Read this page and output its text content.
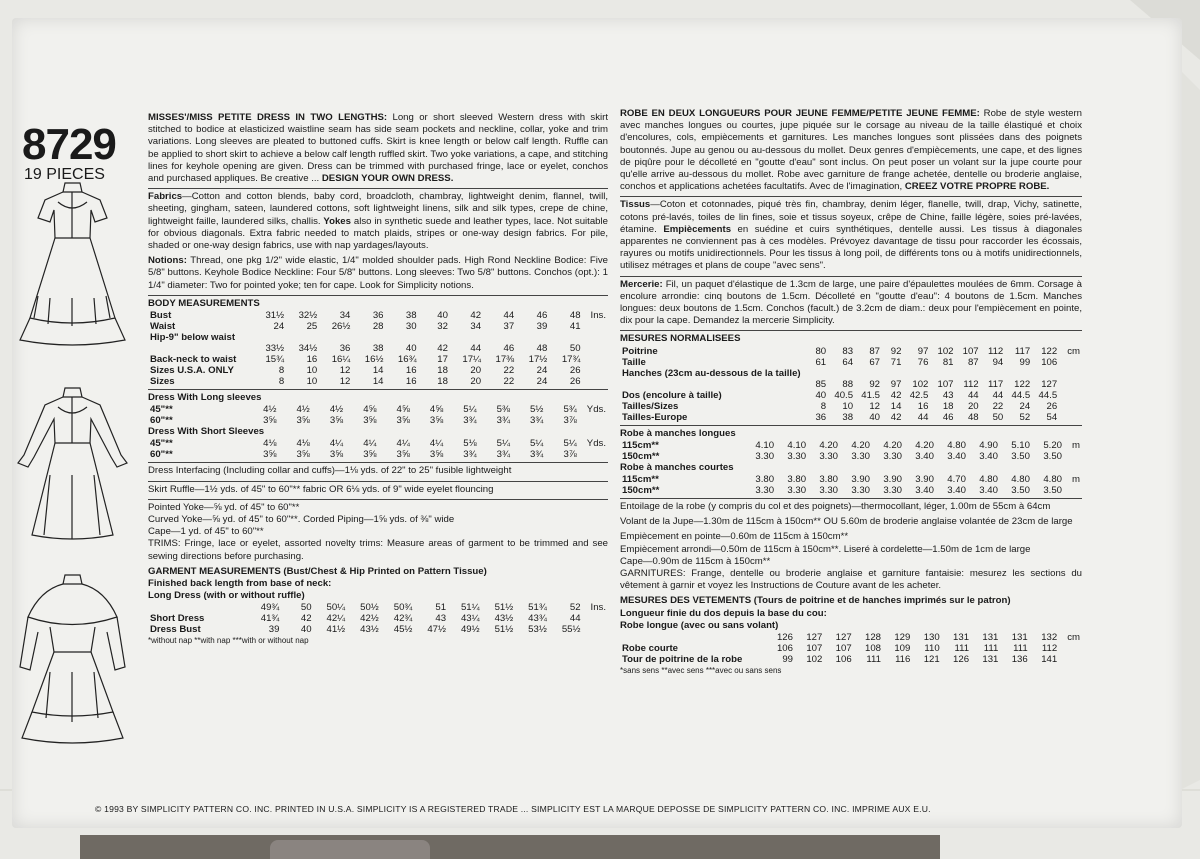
8729
19 PIECES

MISSES'/MISS PETITE DRESS IN TWO LENGTHS: Long or short sleeved Western dress with skirt stitched to bodice at elasticized waistline seam has side seam pockets and neckline, collar, yoke and trim variations. Long sleeves are pleated to buttoned cuffs. Skirt is knee length or below calf length. Ruffle can be applied to short skirt to achieve a below calf length ruffled skirt. Two yoke variations, a cape, and stitching lines for keyhole opening are given. Dress can be trimmed with purchased fringe, lace or eyelet, conchos and purchased appliques. Be creative ... DESIGN YOUR OWN DRESS.

Fabrics—Cotton and cotton blends, baby cord, broadcloth, chambray, lightweight denim, flannel, twill, sheeting, gingham, sateen, laundered cottons, soft lightweight linens, silk and silk types, crepe de chine, lightweight faille, laundered silks, challis. Yokes also in synthetic suede and leather types, lace. Not suitable for obvious diagonals. Extra fabric needed to match plaids, stripes or one-way design fabrics. For pile, shaded or one-way design fabrics, use with nap yardages/layouts.

Notions: Thread, one pkg 1/2" wide elastic, 1/4" molded shoulder pads. High Rond Neckline Bodice: Five 5/8" buttons. Keyhole Bodice Neckline: Four 5/8" buttons. Long sleeves: Two 5/8" buttons. Conchos (opt.): 1 1/4" diameter: Two for pointed yoke; ten for cape. Look for Simplicity notions.

BODY MEASUREMENTS
Bust	31½	32½	34	36	38	40	42	44	46	48	Ins.
Waist	24	25	26½	28	30	32	34	37	39	41	
Hip-9" below waist											
	33½	34½	36	38	40	42	44	46	48	50	
Back-neck to waist	15¾	16	16¼	16½	16¾	17	17¼	17⅜	17½	17¾	
Sizes U.S.A. ONLY	8	10	12	14	16	18	20	22	24	26	
Sizes	8	10	12	14	16	18	20	22	24	26	
Dress With Long sleeves
45"**	4½	4½	4½	4⅝	4⅝	4⅝	5¼	5⅜	5½	5¾	Yds.
60"**	3⅝	3⅝	3⅝	3⅝	3⅝	3⅝	3¾	3¾	3¾	3⅞	
Dress With Short Sleeves
45"**	4⅛	4⅛	4¼	4¼	4¼	4¼	5⅛	5¼	5¼	5¼	Yds.
60"**	3⅝	3⅝	3⅝	3⅝	3⅝	3⅝	3¾	3¾	3¾	3⅞	

Dress Interfacing (Including collar and cuffs)—1⅛ yds. of 22" to 25" fusible lightweight

Skirt Ruffle—1½ yds. of 45" to 60"** fabric OR 6⅛ yds. of 9" wide eyelet flouncing

Pointed Yoke—⅝ yd. of 45" to 60"**

Curved Yoke—⅝ yd. of 45" to 60"**. Corded Piping—1⅝ yds. of ⅜" wide

Cape—1 yd. of 45" to 60"**

TRIMS: Fringe, lace or eyelet, assorted novelty trims: Measure areas of garment to be trimmed and see sewing directions before purchasing.

GARMENT MEASUREMENTS (Bust/Chest & Hip Printed on Pattern Tissue)
Finished back length from base of neck:
Long Dress (with or without ruffle)
	49¾	50	50¼	50½	50¾	51	51¼	51½	51¾	52	Ins.
Short Dress	41¾	42	42¼	42½	42¾	43	43¼	43½	43¾	44	
Dress Bust	39	40	41½	43½	45½	47½	49½	51½	53½	55½	
*without nap **with nap ***with or without nap

ROBE EN DEUX LONGUEURS POUR JEUNE FEMME/PETITE JEUNE FEMME: Robe de style western avec manches longues ou courtes, jupe piquée sur le corsage au niveau de la taille élastiqué et choix d'encolures, cols, empiècements et garnitures. Les manches longues sont plissées dans des poignets boutonnés. Jupe au genou ou au-dessous du mollet. Deux genres d'empiècements, une cape, et des lignes de piqûre pour le décolleté en "goutte d'eau" sont inclus. On peut poser un volant sur la jupe courte pour qu'elle arrive au-dessous du mollet. Robe avec garniture de frange achetée, dentelle ou broderie anglaise, conchos et applications achetées facultatifs. Avec de l'imagination, CREEZ VOTRE PROPRE ROBE.

Tissus—Coton et cotonnades, piqué très fin, chambray, denim léger, flanelle, twill, drap, Vichy, satinette, cotons pré-lavés, toiles de lin fines, soie et tissus soyeux, crêpe de Chine, faille légère, soies pré-lavées, étamine. Empiècements en suédine et cuirs synthétiques, dentelle aussi. Les tissus à diagonales apparentes ne conviennent pas à ces modèles. Prévoyez davantage de tissu pour raccorder les écossais, rayures ou motifs unidirectionnels. Pour les tissus à long poil, de différents tons ou à motifs unidirectionnels, utilisez métrages et plans de coupe "avec sens".

Mercerie: Fil, un paquet d'élastique de 1.3cm de large, une paire d'épaulettes moulées de 6mm. Corsage à encolure arrondie: cinq boutons de 1.5cm. Décolleté en "goutte d'eau": 4 boutons de 1.5cm. Manches longues: deux boutons de 1.5cm. Conchos (facult.) de 3.2cm de diam.: deux pour l'empiècement en pointe, dix pour la cape. Demandez la mercerie Simplicity.

MESURES NORMALISEES
Poitrine	80	83	87	92	97	102	107	112	117	122	cm
Taille	61	64	67	71	76	81	87	94	99	106	
Hanches (23cm au-dessous de la taille)											
	85	88	92	97	102	107	112	117	122	127	
Dos (encolure à taille)	40	40.5	41.5	42	42.5	43	44	44	44.5	44.5	
Tailles/Sizes	8	10	12	14	16	18	20	22	24	26	
Tailles-Europe	36	38	40	42	44	46	48	50	52	54	
Robe à manches longues
115cm**	4.10	4.10	4.20	4.20	4.20	4.20	4.80	4.90	5.10	5.20	m
150cm**	3.30	3.30	3.30	3.30	3.30	3.40	3.40	3.40	3.50	3.50	
Robe à manches courtes
115cm**	3.80	3.80	3.80	3.90	3.90	3.90	4.70	4.80	4.80	4.80	m
150cm**	3.30	3.30	3.30	3.30	3.30	3.40	3.40	3.40	3.50	3.50	

Entoilage de la robe (y compris du col et des poignets)—thermocollant, léger, 1.00m de 55cm à 64cm

Volant de la Jupe—1.30m de 115cm à 150cm** OU 5.60m de broderie anglaise volantée de 23cm de large

Empiècement en pointe—0.60m de 115cm à 150cm**

Empiècement arrondi—0.50m de 115cm à 150cm**. Liseré à cordelette—1.50m de 1cm de large

Cape—0.90m de 115cm à 150cm**

GARNITURES: Frange, dentelle ou broderie anglaise et garniture fantaisie: mesurez les sections du vêtement à garnir et voyez les Instructions de Couture avant de les acheter.

MESURES DES VETEMENTS (Tours de poitrine et de hanches imprimés sur le patron)
Longueur finie du dos depuis la base du cou:
Robe longue (avec ou sans volant)
	126	127	127	128	129	130	131	131	131	132	cm
Robe courte	106	107	107	108	109	110	111	111	111	112	
Tour de poitrine de la robe	99	102	106	111	116	121	126	131	136	141	
*sans sens **avec sens ***avec ou sans sens
© 1993 BY SIMPLICITY PATTERN CO. INC. PRINTED IN U.S.A. SIMPLICITY IS A REGISTERED TRADE ... SIMPLICITY EST LA MARQUE DEPOSSE DE SIMPLICITY PATTERN CO. INC. IMPRIME AUX E.U.
